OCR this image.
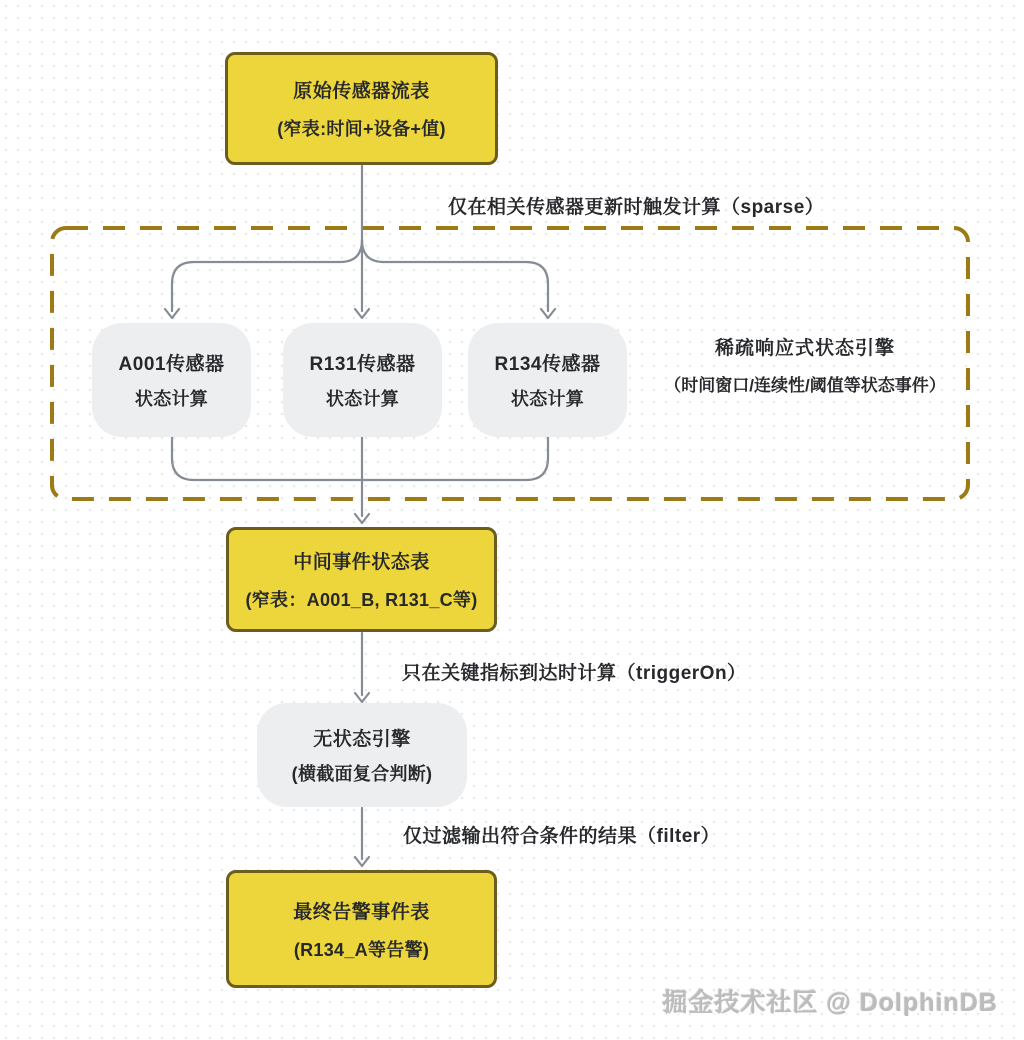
原始传感器流表
(窄表:时间+设备+值)
仅在相关传感器更新时触发计算（sparse）
A001传感器
状态计算
R131传感器
状态计算
R134传感器
状态计算
稀疏响应式状态引擎
（时间窗口/连续性/阈值等状态事件）
中间事件状态表
(窄表：A001_B, R131_C等)
只在关键指标到达时计算（triggerOn）
无状态引擎
(横截面复合判断)
仅过滤输出符合条件的结果（filter）
最终告警事件表
(R134_A等告警)
掘金技术社区 @ DolphinDB
